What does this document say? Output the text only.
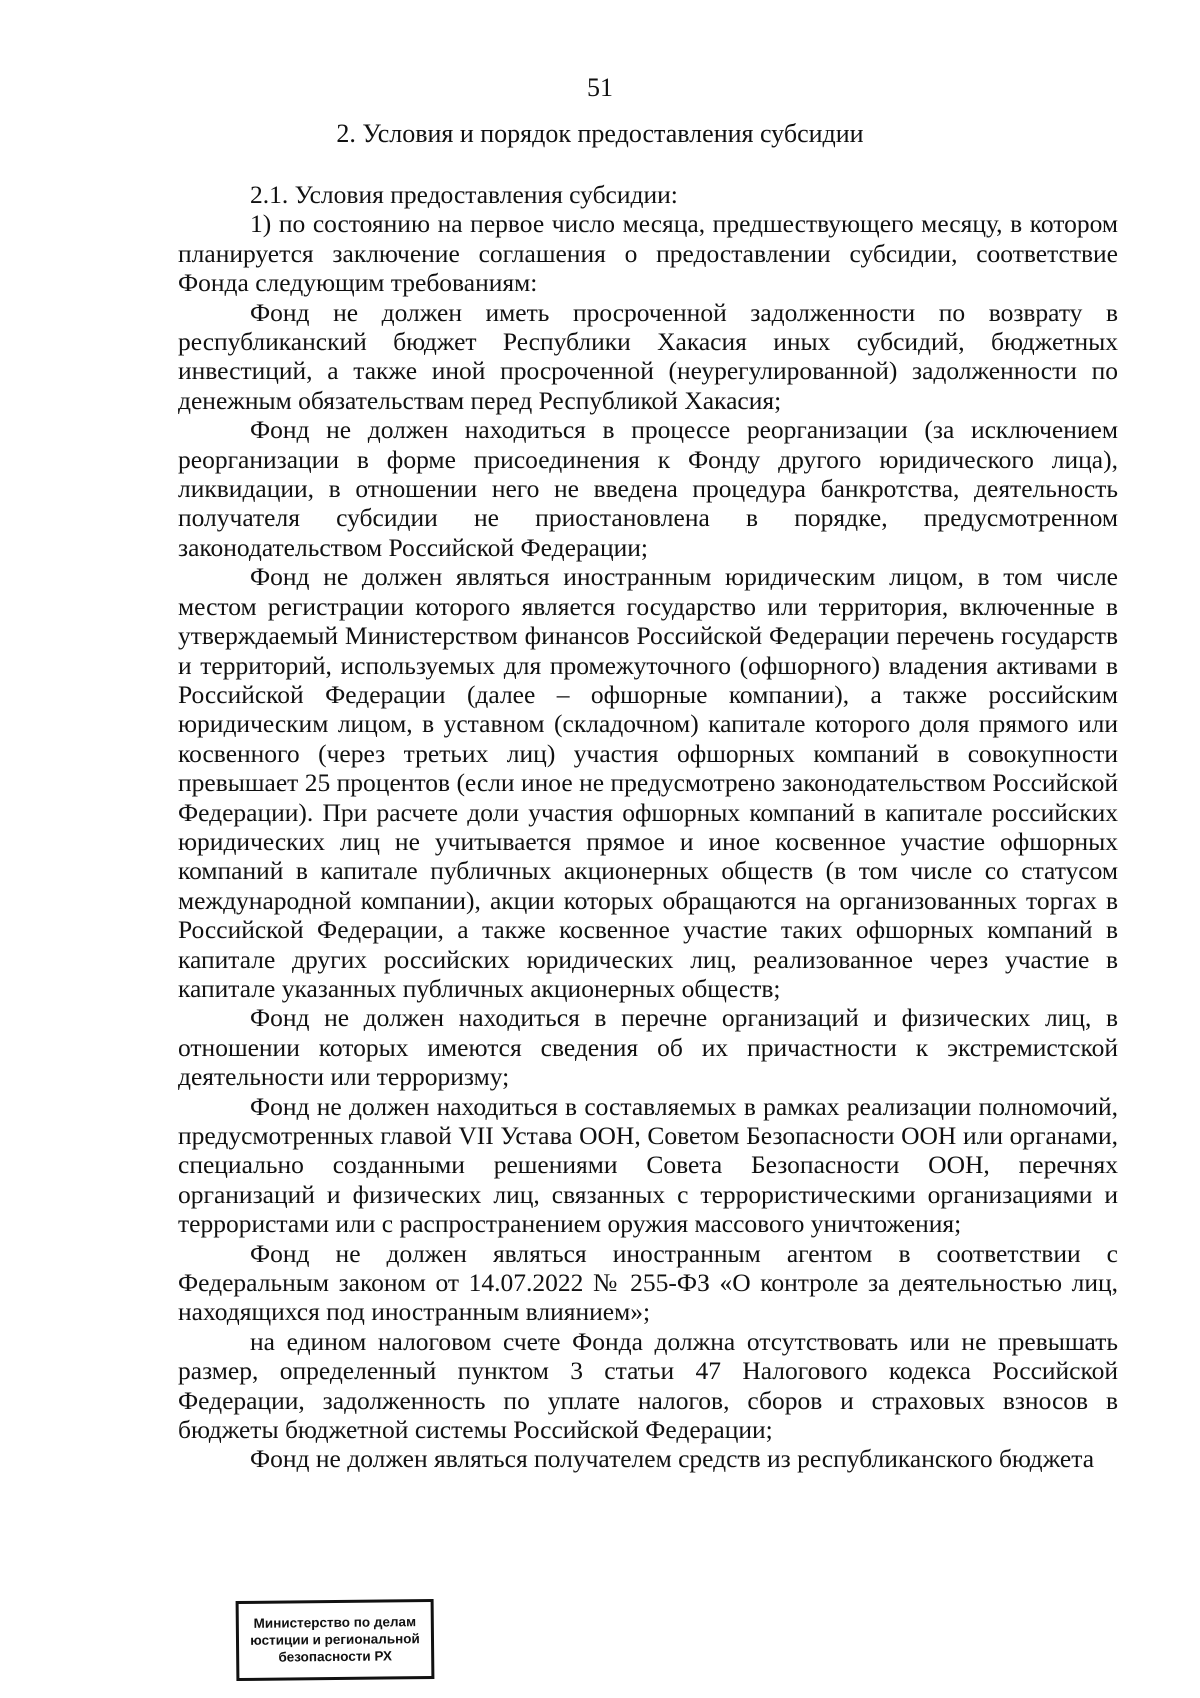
51
2. Условия и порядок предоставления субсидии

2.1. Условия предоставления субсидии:

1) по состоянию на первое число месяца, предшествующего месяцу, в котором планируется заключение соглашения о предоставлении субсидии, соответствие Фонда следующим требованиям:

Фонд не должен иметь просроченной задолженности по возврату в республиканский бюджет Республики Хакасия иных субсидий, бюджетных инвестиций, а также иной просроченной (неурегулированной) задолженности по денежным обязательствам перед Республикой Хакасия;

Фонд не должен находиться в процессе реорганизации (за исключением реорганизации в форме присоединения к Фонду другого юридического лица), ликвидации, в отношении него не введена процедура банкротства, деятельность получателя субсидии не приостановлена в порядке, предусмотренном законодательством Российской Федерации;

Фонд не должен являться иностранным юридическим лицом, в том числе местом регистрации которого является государство или территория, включенные в утверждаемый Министерством финансов Российской Федерации перечень государств и территорий, используемых для промежуточного (офшорного) владения активами в Российской Федерации (далее – офшорные компании), а также российским юридическим лицом, в уставном (складочном) капитале которого доля прямого или косвенного (через третьих лиц) участия офшорных компаний в совокупности превышает 25 процентов (если иное не предусмотрено законодательством Российской Федерации). При расчете доли участия офшорных компаний в капитале российских юридических лиц не учитывается прямое и иное косвенное участие офшорных компаний в капитале публичных акционерных обществ (в том числе со статусом международной компании), акции которых обращаются на организованных торгах в Российской Федерации, а также косвенное участие таких офшорных компаний в капитале других российских юридических лиц, реализованное через участие в капитале указанных публичных акционерных обществ;

Фонд не должен находиться в перечне организаций и физических лиц, в отношении которых имеются сведения об их причастности к экстремистской деятельности или терроризму;

Фонд не должен находиться в составляемых в рамках реализации полномочий, предусмотренных главой VII Устава ООН, Советом Безопасности ООН или органами, специально созданными решениями Совета Безопасности ООН, перечнях организаций и физических лиц, связанных с террористическими организациями и террористами или с распространением оружия массового уничтожения;

Фонд не должен являться иностранным агентом в соответствии с Федеральным законом от 14.07.2022 № 255-ФЗ «О контроле за деятельностью лиц, находящихся под иностранным влиянием»;

на едином налоговом счете Фонда должна отсутствовать или не превышать размер, определенный пунктом 3 статьи 47 Налогового кодекса Российской Федерации, задолженность по уплате налогов, сборов и страховых взносов в бюджеты бюджетной системы Российской Федерации;

Фонд не должен являться получателем средств из республиканского бюджета

Министерство по делам
юстиции и региональной
безопасности РХ
